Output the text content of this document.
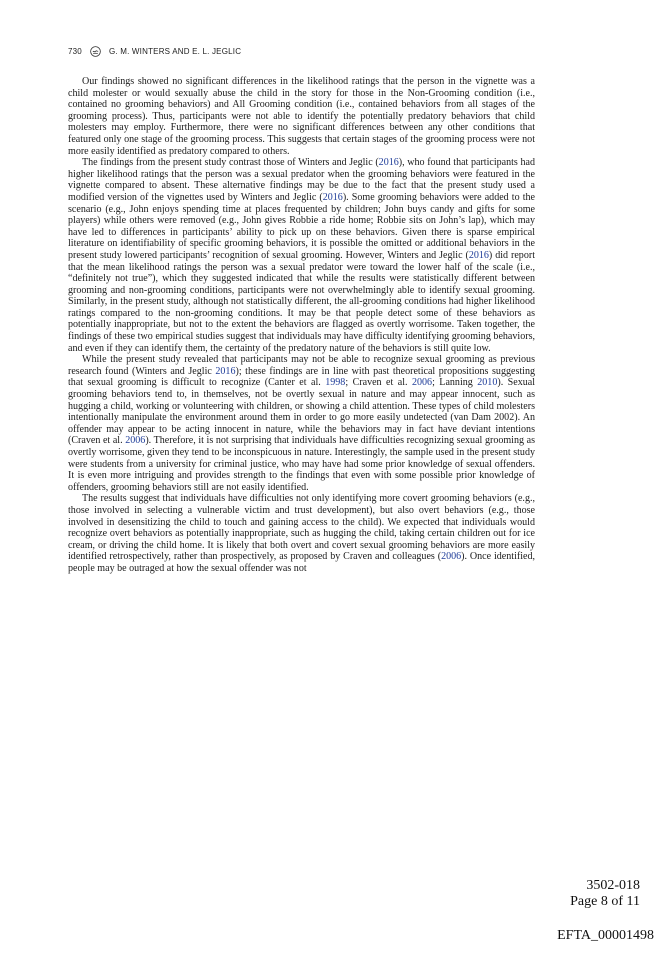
730	G. M. WINTERS AND E. L. JEGLIC

Our findings showed no significant differences in the likelihood ratings that the person in the vignette was a child molester or would sexually abuse the child in the story for those in the Non-Grooming condition (i.e., contained no grooming behaviors) and All Grooming condition (i.e., contained behaviors from all stages of the grooming process). Thus, participants were not able to identify the potentially predatory behaviors that child molesters may employ. Furthermore, there were no significant differences between any other conditions that featured only one stage of the grooming process. This suggests that certain stages of the grooming process were not more easily identified as predatory compared to others.

The findings from the present study contrast those of Winters and Jeglic (2016), who found that participants had higher likelihood ratings that the person was a sexual predator when the grooming behaviors were featured in the vignette compared to absent. These alternative findings may be due to the fact that the present study used a modified version of the vignettes used by Winters and Jeglic (2016). Some grooming behaviors were added to the scenario (e.g., John enjoys spending time at places frequented by children; John buys candy and gifts for some players) while others were removed (e.g., John gives Robbie a ride home; Robbie sits on John’s lap), which may have led to differences in participants’ ability to pick up on these behaviors. Given there is sparse empirical literature on identifiability of specific grooming behaviors, it is possible the omitted or additional behaviors in the present study lowered participants’ recognition of sexual grooming. However, Winters and Jeglic (2016) did report that the mean likelihood ratings the person was a sexual predator were toward the lower half of the scale (i.e., “definitely not true”), which they suggested indicated that while the results were statistically different between grooming and non-grooming conditions, participants were not overwhelmingly able to identify sexual grooming. Similarly, in the present study, although not statistically different, the all-grooming conditions had higher likelihood ratings compared to the non-grooming conditions. It may be that people detect some of these behaviors as potentially inappropriate, but not to the extent the behaviors are flagged as overtly worrisome. Taken together, the findings of these two empirical studies suggest that individuals may have difficulty identifying grooming behaviors, and even if they can identify them, the certainty of the predatory nature of the behaviors is still quite low.

While the present study revealed that participants may not be able to recognize sexual grooming as previous research found (Winters and Jeglic 2016); these findings are in line with past theoretical propositions suggesting that sexual grooming is difficult to recognize (Canter et al. 1998; Craven et al. 2006; Lanning 2010). Sexual grooming behaviors tend to, in themselves, not be overtly sexual in nature and may appear innocent, such as hugging a child, working or volunteering with children, or showing a child attention. These types of child molesters intentionally manipulate the environment around them in order to go more easily undetected (van Dam 2002). An offender may appear to be acting innocent in nature, while the behaviors may in fact have deviant intentions (Craven et al. 2006). Therefore, it is not surprising that individuals have difficulties recognizing sexual grooming as overtly worrisome, given they tend to be inconspicuous in nature. Interestingly, the sample used in the present study were students from a university for criminal justice, who may have had some prior knowledge of sexual offenders. It is even more intriguing and provides strength to the findings that even with some possible prior knowledge of offenders, grooming behaviors still are not easily identified.

The results suggest that individuals have difficulties not only identifying more covert grooming behaviors (e.g., those involved in selecting a vulnerable victim and trust development), but also overt behaviors (e.g., those involved in desensitizing the child to touch and gaining access to the child). We expected that individuals would recognize overt behaviors as potentially inappropriate, such as hugging the child, taking certain children out for ice cream, or driving the child home. It is likely that both overt and covert sexual grooming behaviors are more easily identified retrospectively, rather than prospectively, as proposed by Craven and colleagues (2006). Once identified, people may be outraged at how the sexual offender was not

3502-018
Page 8 of 11
EFTA_00001498
